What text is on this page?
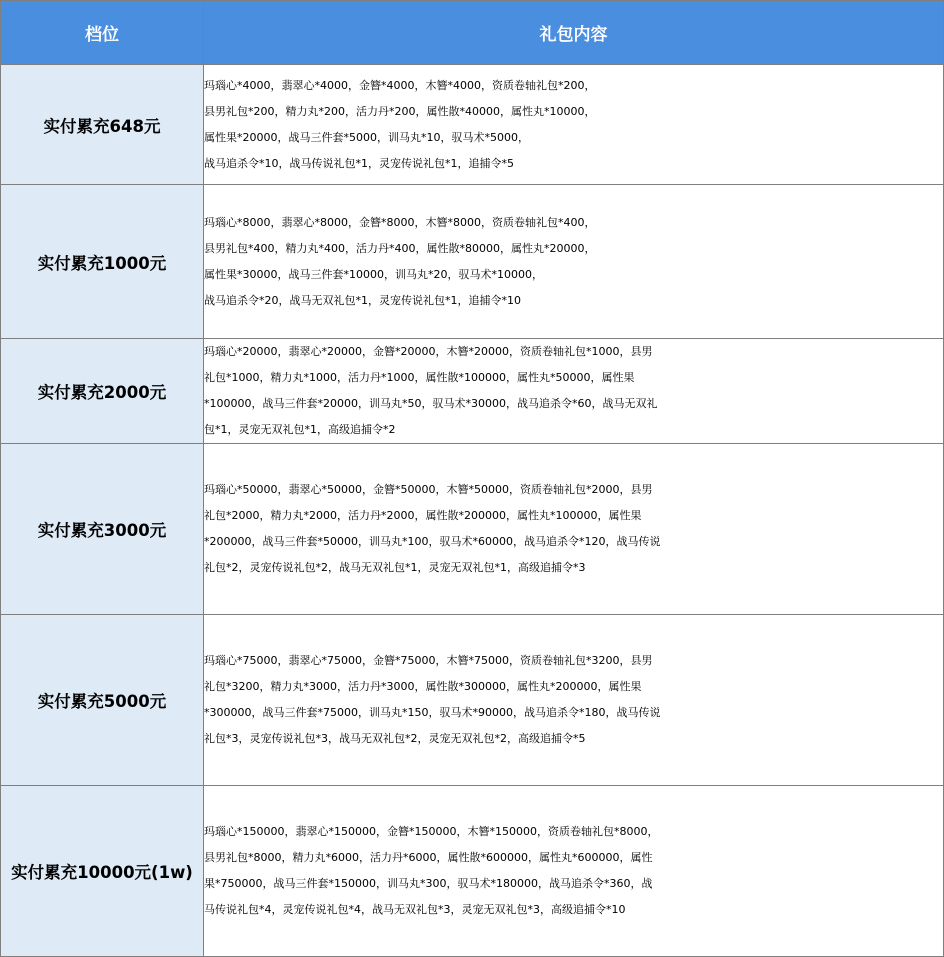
档位	礼包内容
实付累充648元	玛瑙心*4000，翡翠心*4000，金簪*4000，木簪*4000，资质卷轴礼包*200，
县男礼包*200，精力丸*200，活力丹*200，属性散*40000，属性丸*10000，
属性果*20000，战马三件套*5000，训马丸*10，驭马术*5000，
战马追杀令*10，战马传说礼包*1，灵宠传说礼包*1，追捕令*5

实付累充1000元	玛瑙心*8000，翡翠心*8000，金簪*8000，木簪*8000，资质卷轴礼包*400，
县男礼包*400，精力丸*400，活力丹*400，属性散*80000，属性丸*20000，
属性果*30000，战马三件套*10000，训马丸*20，驭马术*10000，
战马追杀令*20，战马无双礼包*1，灵宠传说礼包*1，追捕令*10

实付累充2000元	玛瑙心*20000，翡翠心*20000，金簪*20000，木簪*20000，资质卷轴礼包*1000，县男
礼包*1000，精力丸*1000，活力丹*1000，属性散*100000，属性丸*50000，属性果
*100000，战马三件套*20000，训马丸*50，驭马术*30000，战马追杀令*60，战马无双礼
包*1，灵宠无双礼包*1，高级追捕令*2

实付累充3000元	玛瑙心*50000，翡翠心*50000，金簪*50000，木簪*50000，资质卷轴礼包*2000，县男
礼包*2000，精力丸*2000，活力丹*2000，属性散*200000，属性丸*100000，属性果
*200000，战马三件套*50000，训马丸*100，驭马术*60000，战马追杀令*120，战马传说
礼包*2，灵宠传说礼包*2，战马无双礼包*1，灵宠无双礼包*1，高级追捕令*3

实付累充5000元	玛瑙心*75000，翡翠心*75000，金簪*75000，木簪*75000，资质卷轴礼包*3200，县男
礼包*3200，精力丸*3000，活力丹*3000，属性散*300000，属性丸*200000，属性果
*300000，战马三件套*75000，训马丸*150，驭马术*90000，战马追杀令*180，战马传说
礼包*3，灵宠传说礼包*3，战马无双礼包*2，灵宠无双礼包*2，高级追捕令*5

实付累充10000元(1w)	玛瑙心*150000，翡翠心*150000，金簪*150000，木簪*150000，资质卷轴礼包*8000，
县男礼包*8000，精力丸*6000，活力丹*6000，属性散*600000，属性丸*600000，属性
果*750000，战马三件套*150000，训马丸*300，驭马术*180000，战马追杀令*360，战
马传说礼包*4，灵宠传说礼包*4，战马无双礼包*3，灵宠无双礼包*3，高级追捕令*10
